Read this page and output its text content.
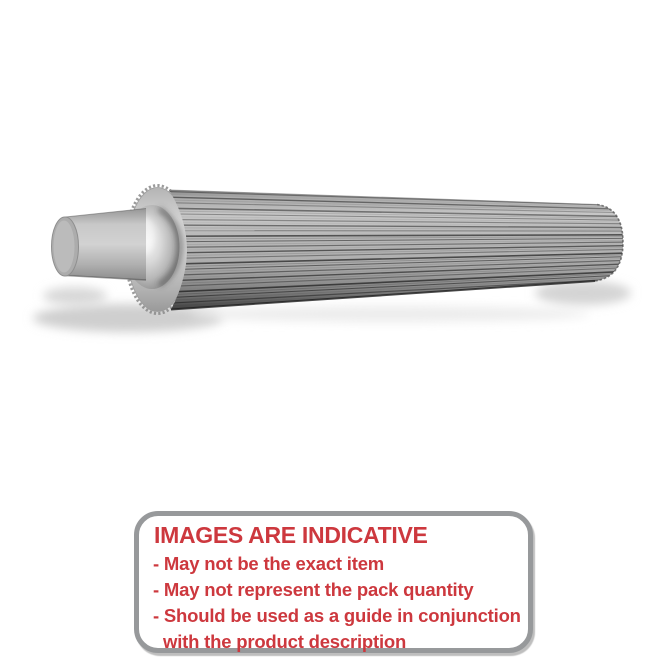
IMAGES ARE INDICATIVE
- May not be the exact item
- May not represent the pack quantity
- Should be used as a guide in conjunction
with the product description
